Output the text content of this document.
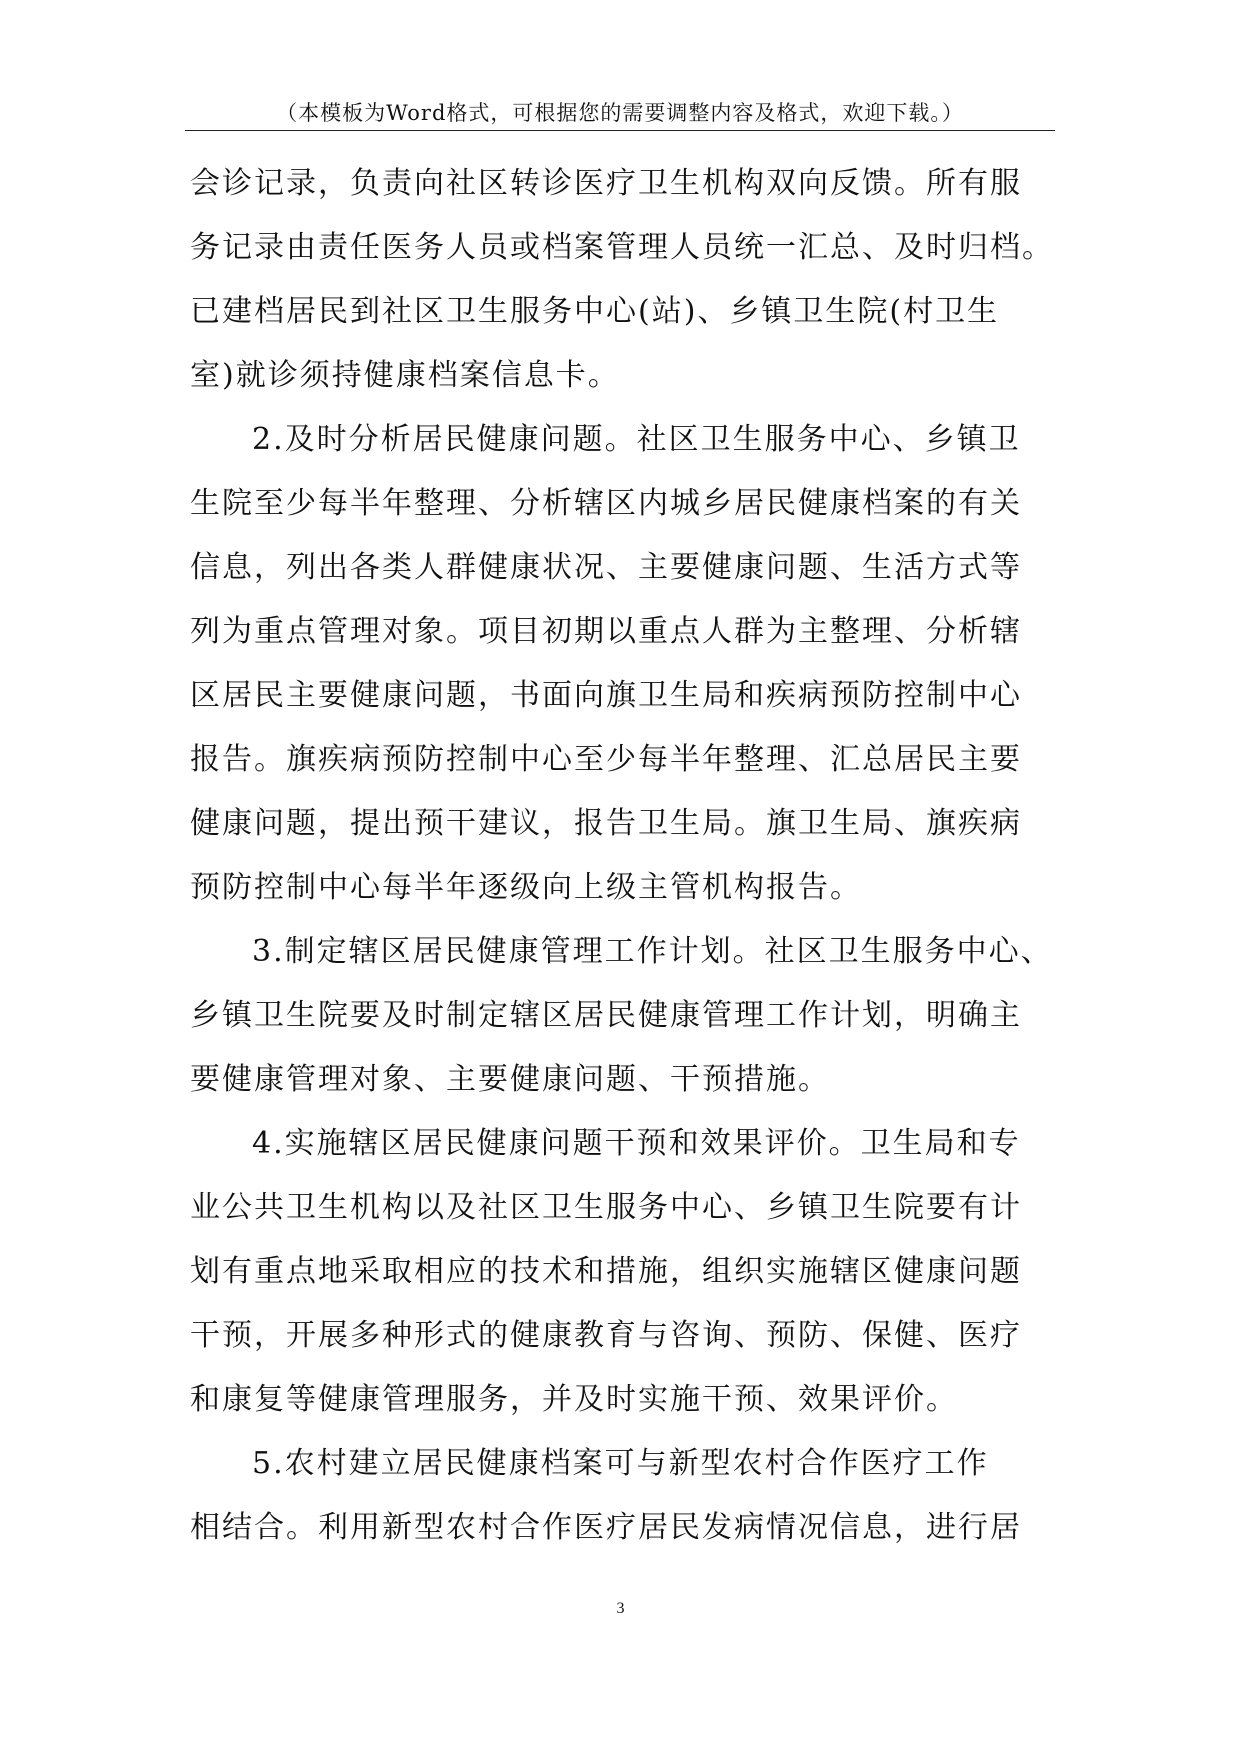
（本模板为Word格式，可根据您的需要调整内容及格式，欢迎下载。）
会诊记录，负责向社区转诊医疗卫生机构双向反馈。所有服
务记录由责任医务人员或档案管理人员统一汇总、及时归档。
已建档居民到社区卫生服务中心(站)、乡镇卫生院(村卫生
室)就诊须持健康档案信息卡。
2.及时分析居民健康问题。社区卫生服务中心、乡镇卫
生院至少每半年整理、分析辖区内城乡居民健康档案的有关
信息，列出各类人群健康状况、主要健康问题、生活方式等
列为重点管理对象。项目初期以重点人群为主整理、分析辖
区居民主要健康问题，书面向旗卫生局和疾病预防控制中心
报告。旗疾病预防控制中心至少每半年整理、汇总居民主要
健康问题，提出预干建议，报告卫生局。旗卫生局、旗疾病
预防控制中心每半年逐级向上级主管机构报告。
3.制定辖区居民健康管理工作计划。社区卫生服务中心、
乡镇卫生院要及时制定辖区居民健康管理工作计划，明确主
要健康管理对象、主要健康问题、干预措施。
4.实施辖区居民健康问题干预和效果评价。卫生局和专
业公共卫生机构以及社区卫生服务中心、乡镇卫生院要有计
划有重点地采取相应的技术和措施，组织实施辖区健康问题
干预，开展多种形式的健康教育与咨询、预防、保健、医疗
和康复等健康管理服务，并及时实施干预、效果评价。
5.农村建立居民健康档案可与新型农村合作医疗工作
相结合。利用新型农村合作医疗居民发病情况信息，进行居
3
